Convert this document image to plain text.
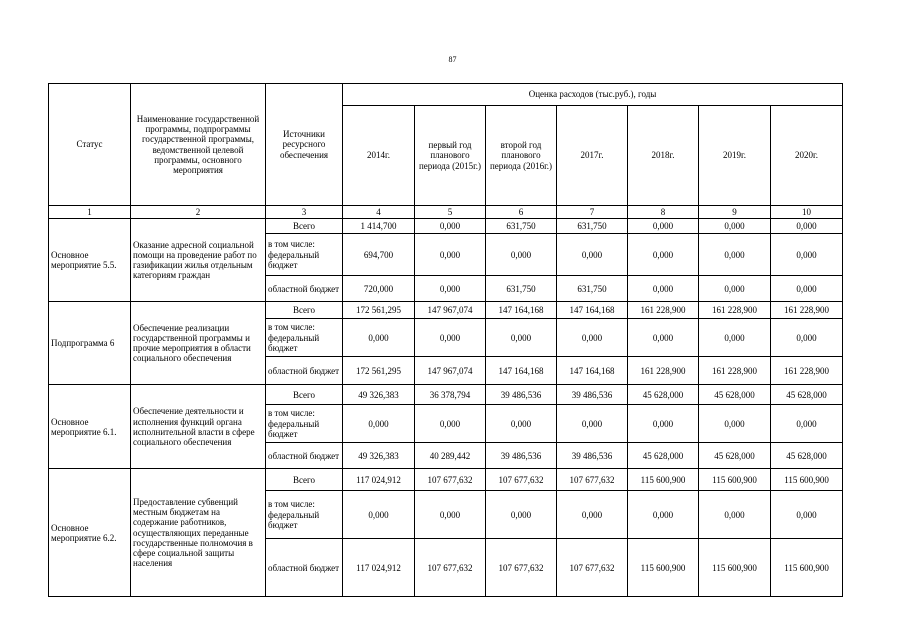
87
Статус	Наименование государственной программы, подпрограммы государственной программы, ведомственной целевой программы, основного мероприятия	Источники ресурсного обеспечения	Оценка расходов (тыс.руб.), годы						
			2014г.	первый год планового периода (2015г.)	второй год планового периода (2016г.)	2017г.	2018г.	2019г.	2020г.
1	2	3	4	5	6	7	8	9	10
Основное мероприятие 5.5.	Оказание адресной социальной помощи на проведение работ по газификации жилья отдельным категориям граждан	Всего	1 414,700	0,000	631,750	631,750	0,000	0,000	0,000
		в том числе: федеральный бюджет	694,700	0,000	0,000	0,000	0,000	0,000	0,000
		областной бюджет	720,000	0,000	631,750	631,750	0,000	0,000	0,000
Подпрограмма 6	Обеспечение реализации государственной программы и прочие мероприятия в области социального обеспечения	Всего	172 561,295	147 967,074	147 164,168	147 164,168	161 228,900	161 228,900	161 228,900
		в том числе: федеральный бюджет	0,000	0,000	0,000	0,000	0,000	0,000	0,000
		областной бюджет	172 561,295	147 967,074	147 164,168	147 164,168	161 228,900	161 228,900	161 228,900
Основное мероприятие 6.1.	Обеспечение деятельности и исполнения функций органа исполнительной власти в сфере социального обеспечения	Всего	49 326,383	36 378,794	39 486,536	39 486,536	45 628,000	45 628,000	45 628,000
		в том числе: федеральный бюджет	0,000	0,000	0,000	0,000	0,000	0,000	0,000
		областной бюджет	49 326,383	40 289,442	39 486,536	39 486,536	45 628,000	45 628,000	45 628,000
Основное мероприятие 6.2.	Предоставление субвенций местным бюджетам на содержание работников, осуществляющих переданные государственные полномочия в сфере социальной защиты населения	Всего	117 024,912	107 677,632	107 677,632	107 677,632	115 600,900	115 600,900	115 600,900
		в том числе: федеральный бюджет	0,000	0,000	0,000	0,000	0,000	0,000	0,000
		областной бюджет	117 024,912	107 677,632	107 677,632	107 677,632	115 600,900	115 600,900	115 600,900
